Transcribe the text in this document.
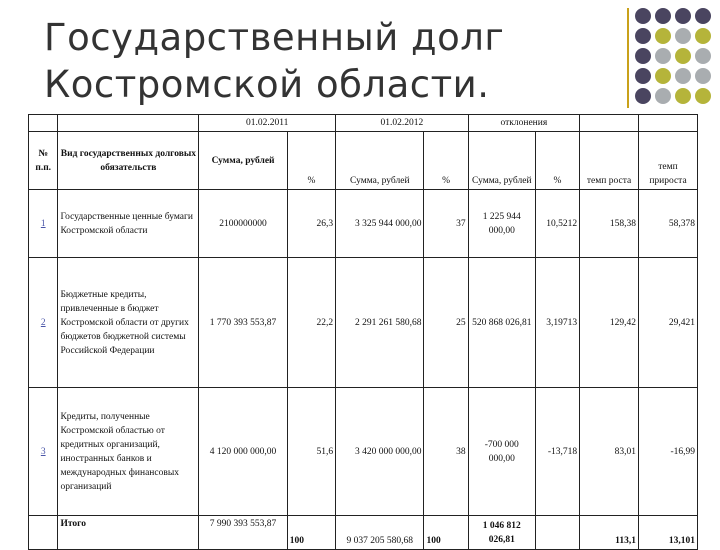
Государственный долг
Костромской области.
		01.02.2011		01.02.2012		отклонения			
№ п.п.	Вид государственных долговых обязательств	Сумма, рублей	%	Сумма, рублей	%	Сумма, рублей	%	темп роста	темп прироста
1	Государственные ценные бумаги Костромской области	2100000000	26,3	3 325 944 000,00	37	1 225 944 000,00	10,5212	158,38	58,378
2	Бюджетные кредиты, привлеченные в бюджет Костромской области от других бюджетов бюджетной системы Российской Федерации	1 770 393 553,87	22,2	2 291 261 580,68	25	520 868 026,81	3,19713	129,42	29,421
3	Кредиты, полученные Костромской областью от кредитных организаций, иностранных банков и международных финансовых организаций	4 120 000 000,00	51,6	3 420 000 000,00	38	-700 000 000,00	-13,718	83,01	-16,99
	Итого	7 990 393 553,87	100	9 037 205 580,68	100	1 046 812 026,81		113,1	13,101
